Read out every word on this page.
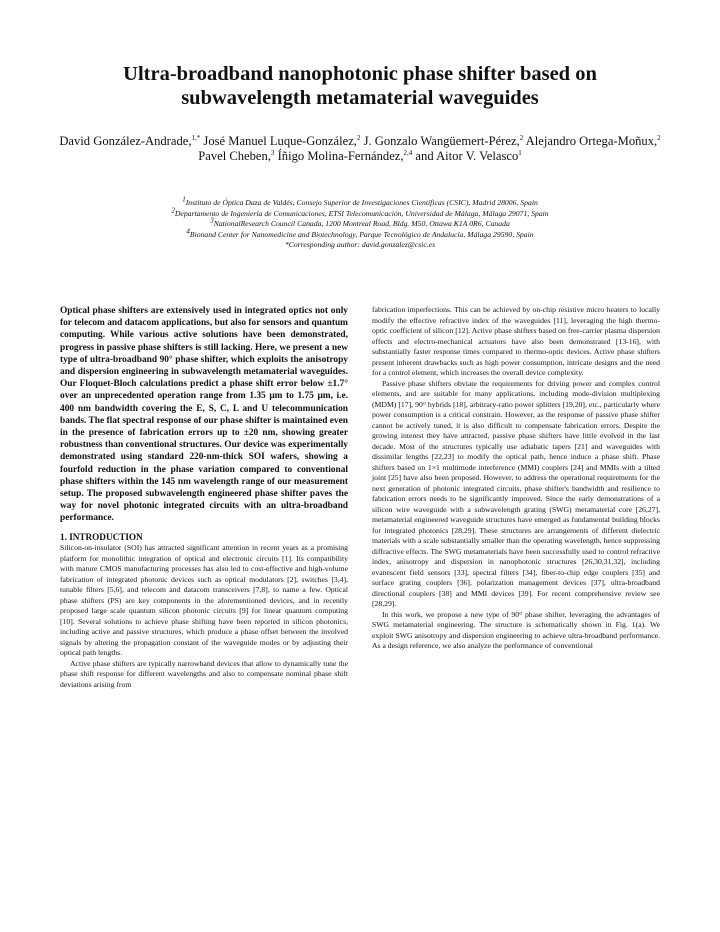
Ultra-broadband nanophotonic phase shifter based on subwavelength metamaterial waveguides
David González-Andrade,$^{1,*}$ José Manuel Luque-González,$^2$ J. Gonzalo Wangüemert-Pérez,$^2$ Alejandro Ortega-Moñux,$^2$ Pavel Cheben,$^3$ Íñigo Molina-Fernández,$^{2,4}$ and Aitor V. Velasco$^1$
$^1$Instituto de Óptica Daza de Valdés, Consejo Superior de Investigaciones Científicas (CSIC), Madrid 28006, Spain
$^2$Departamento de Ingeniería de Comunicaciones, ETSI Telecomunicación, Universidad de Málaga, Málaga 29071, Spain
$^3$NationalResearch Council Canada, 1200 Montreal Road, Bldg. M50, Ottawa K1A 0R6, Canada
$^4$Bionand Center for Nanomedicine and Biotechnology, Parque Tecnológico de Andalucía, Málaga 29590, Spain
*Corresponding author: david.gonzalez@csic.es

Optical phase shifters are extensively used in integrated optics not only for telecom and datacom applications, but also for sensors and quantum computing. While various active solutions have been demonstrated, progress in passive phase shifters is still lacking. Here, we present a new type of ultra-broadband 90° phase shifter, which exploits the anisotropy and dispersion engineering in subwavelength metamaterial waveguides. Our Floquet-Bloch calculations predict a phase shift error below ±1.7° over an unprecedented operation range from 1.35 μm to 1.75 μm, i.e. 400 nm bandwidth covering the E, S, C, L and U telecommunication bands. The flat spectral response of our phase shifter is maintained even in the presence of fabrication errors up to ±20 nm, showing greater robustness than conventional structures. Our device was experimentally demonstrated using standard 220-nm-thick SOI wafers, showing a fourfold reduction in the phase variation compared to conventional phase shifters within the 145 nm wavelength range of our measurement setup. The proposed subwavelength engineered phase shifter paves the way for novel photonic integrated circuits with an ultra-broadband performance.

1. INTRODUCTION

Silicon-on-insulator (SOI) has attracted significant attention in recent years as a promising platform for monolithic integration of optical and electronic circuits [1]. Its compatibility with mature CMOS manufacturing processes has also led to cost-effective and high-volume fabrication of integrated photonic devices such as optical modulators [2], switches [3,4], tunable filters [5,6], and telecom and datacom transceivers [7,8], to name a few. Optical phase shifters (PS) are key components in the aforementioned devices, and in recently proposed large scale quantum silicon photonic circuits [9] for linear quantum computing [10]. Several solutions to achieve phase shifting have been reported in silicon photonics, including active and passive structures, which produce a phase offset between the involved signals by altering the propagation constant of the waveguide modes or by adjusting their optical path lengths.

Active phase shifters are typically narrowband devices that allow to dynamically tune the phase shift response for different wavelengths and also to compensate nominal phase shift deviations arising from

fabrication imperfections. This can be achieved by on-chip resistive micro heaters to locally modify the effective refractive index of the waveguides [11], leveraging the high thermo-optic coefficient of silicon [12]. Active phase shifters based on free-carrier plasma dispersion effects and electro-mechanical actuators have also been demonstrated [13-16], with substantially faster response times compared to thermo-optic devices. Active phase shifters present inherent drawbacks such as high power consumption, intricate designs and the need for a control element, which increases the overall device complexity.

Passive phase shifters obviate the requirements for driving power and complex control elements, and are suitable for many applications, including mode-division multiplexing (MDM) [17], 90° hybrids [18], arbitrary-ratio power splitters [19,20], etc., particularly where power consumption is a critical constrain. However, as the response of passive phase shifter cannot be actively tuned, it is also difficult to compensate fabrication errors. Despite the growing interest they have attracted, passive phase shifters have little evolved in the last decade. Most of the structures typically use adiabatic tapers [21] and waveguides with dissimilar lengths [22,23] to modify the optical path, hence induce a phase shift. Phase shifters based on 1×1 multimode interference (MMI) couplers [24] and MMIs with a tilted joint [25] have also been proposed. However, to address the operational requirements for the next generation of photonic integrated circuits, phase shifter's bandwidth and resilience to fabrication errors needs to be significantly improved. Since the early demonstrations of a silicon wire waveguide with a subwavelength grating (SWG) metamaterial core [26,27], metamaterial engineered waveguide structures have emerged as fundamental building blocks for integrated photonics [28,29]. These structures are arrangements of different dielectric materials with a scale substantially smaller than the operating wavelength, hence suppressing diffractive effects. The SWG metamaterials have been successfully used to control refractive index, anisotropy and dispersion in nanophotonic structures [26,30,31,32], including evanescent field sensors [33], spectral filters [34], fiber-to-chip edge couplers [35] and surface grating couplers [36], polarization management devices [37], ultra-broadband directional couplers [38] and MMI devices [39]. For recent comprehensive review see [28,29].

In this work, we propose a new type of 90° phase shifter, leveraging the advantages of SWG metamaterial engineering. The structure is schematically shown in Fig. 1(a). We exploit SWG anisotropy and dispersion engineering to achieve ultra-broadband performance. As a design reference, we also analyze the performance of conventional
